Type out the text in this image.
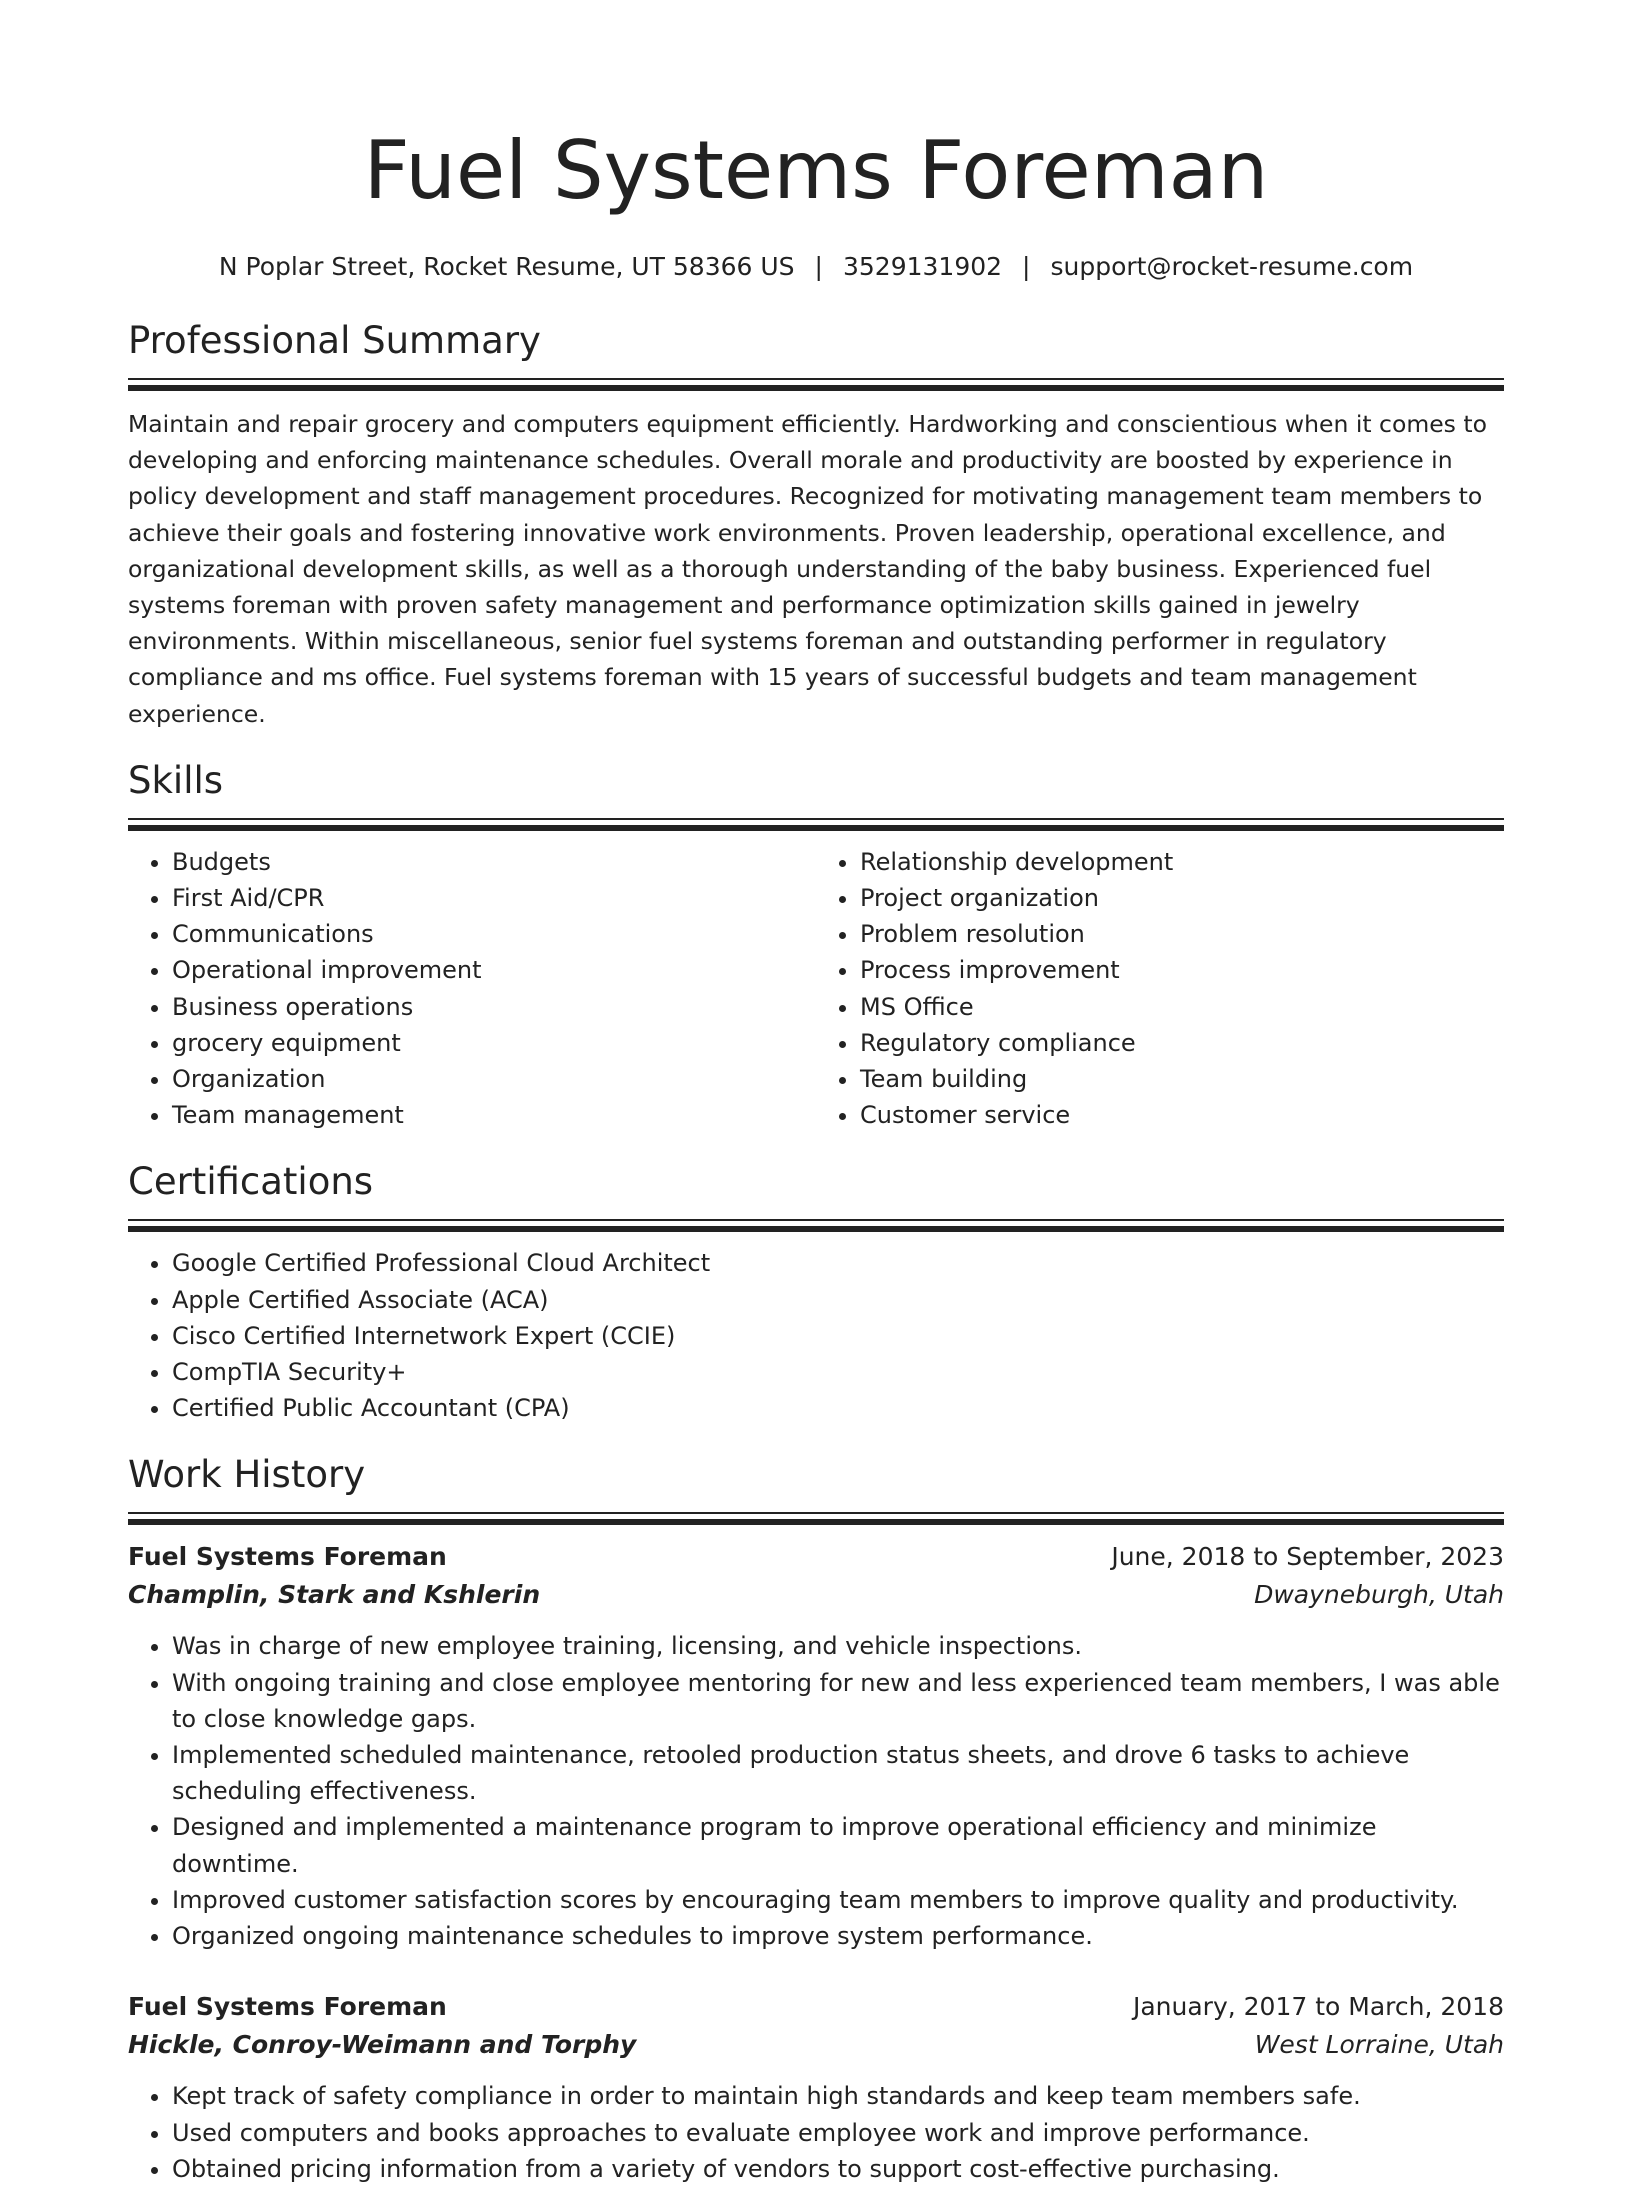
Fuel Systems Foreman
N Poplar Street, Rocket Resume, UT 58366 US | 3529131902 | support@rocket-resume.com
Professional Summary

Maintain and repair grocery and computers equipment efficiently. Hardworking and conscientious when it comes to developing and enforcing maintenance schedules. Overall morale and productivity are boosted by experience in policy development and staff management procedures. Recognized for motivating management team members to achieve their goals and fostering innovative work environments. Proven leadership, operational excellence, and organizational development skills, as well as a thorough understanding of the baby business. Experienced fuel systems foreman with proven safety management and performance optimization skills gained in jewelry environments. Within miscellaneous, senior fuel systems foreman and outstanding performer in regulatory compliance and ms office. Fuel systems foreman with 15 years of successful budgets and team management experience.

Skills
• Budgets
• First Aid/CPR
• Communications
• Operational improvement
• Business operations
• grocery equipment
• Organization
• Team management
• Relationship development
• Project organization
• Problem resolution
• Process improvement
• MS Office
• Regulatory compliance
• Team building
• Customer service
Certifications
• Google Certified Professional Cloud Architect
• Apple Certified Associate (ACA)
• Cisco Certified Internetwork Expert (CCIE)
• CompTIA Security+
• Certified Public Accountant (CPA)
Work History
Fuel Systems Foreman	June, 2018 to September, 2023
Champlin, Stark and Kshlerin	Dwayneburgh, Utah
• Was in charge of new employee training, licensing, and vehicle inspections.
• With ongoing training and close employee mentoring for new and less experienced team members, I was able to close knowledge gaps.
• Implemented scheduled maintenance, retooled production status sheets, and drove 6 tasks to achieve scheduling effectiveness.
• Designed and implemented a maintenance program to improve operational efficiency and minimize downtime.
• Improved customer satisfaction scores by encouraging team members to improve quality and productivity.
• Organized ongoing maintenance schedules to improve system performance.
Fuel Systems Foreman	January, 2017 to March, 2018
Hickle, Conroy-Weimann and Torphy	West Lorraine, Utah
• Kept track of safety compliance in order to maintain high standards and keep team members safe.
• Used computers and books approaches to evaluate employee work and improve performance.
• Obtained pricing information from a variety of vendors to support cost-effective purchasing.
